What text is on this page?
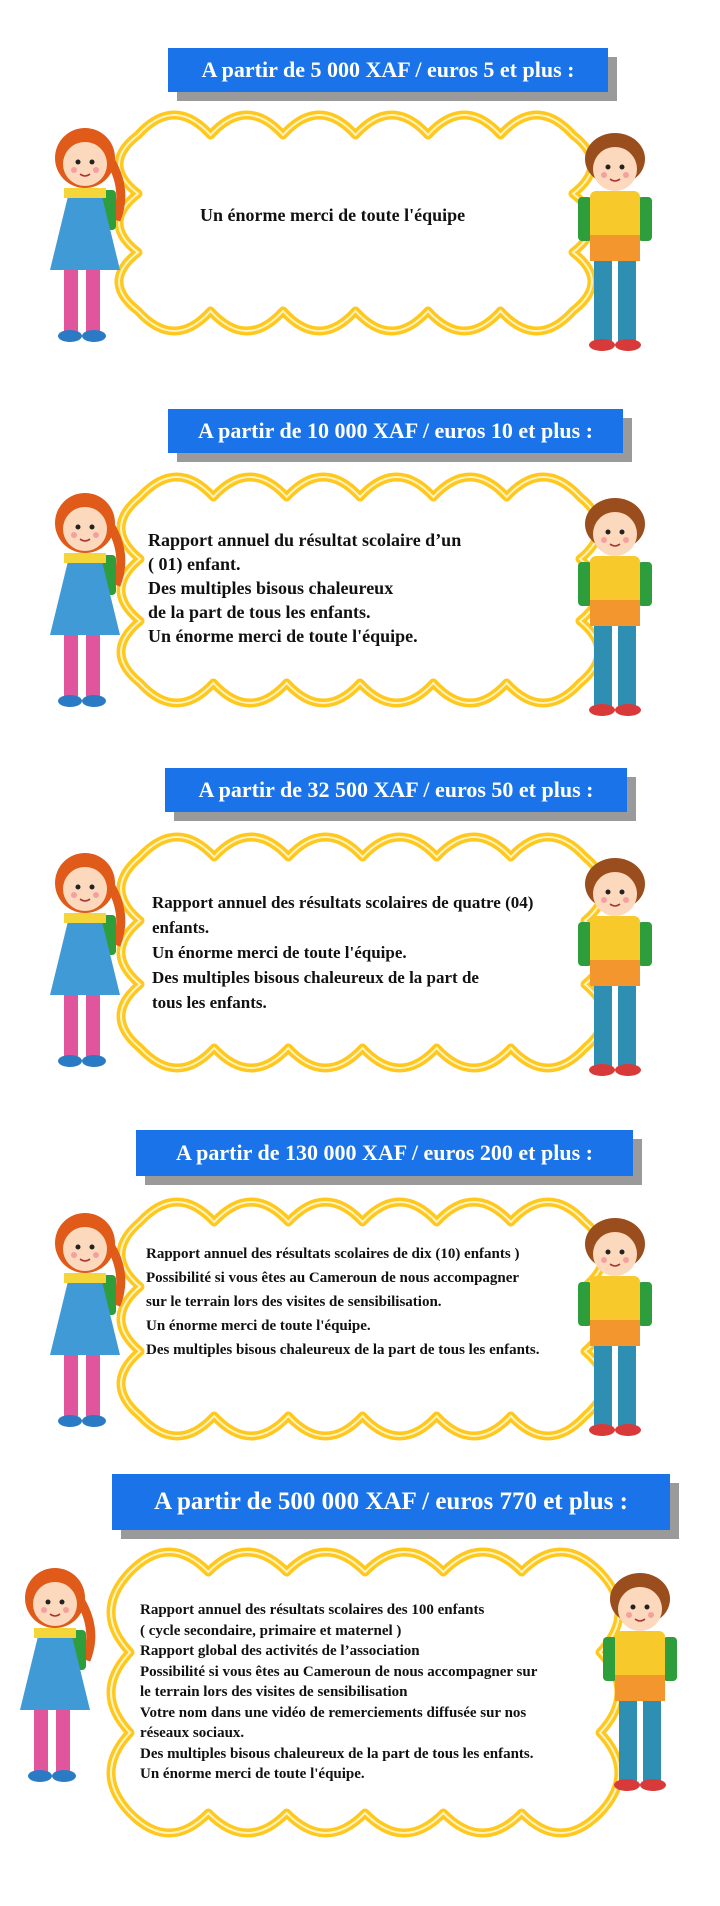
A partir de 5 000 XAF / euros 5 et plus :
Un énorme merci de toute l'équipe
A partir de 10 000 XAF / euros 10 et plus :
Rapport annuel du résultat scolaire d’un
( 01) enfant.
Des multiples bisous chaleureux
de la part de tous les enfants.
Un énorme merci de toute l'équipe.
A partir de 32 500 XAF / euros 50 et plus :
Rapport annuel des résultats scolaires de quatre (04)
enfants.
Un énorme merci de toute l'équipe.
Des multiples bisous chaleureux de la part de
tous les enfants.
A partir de 130 000 XAF / euros 200 et plus :
Rapport annuel des résultats scolaires de dix (10) enfants )
Possibilité si vous êtes au Cameroun de nous accompagner
sur le terrain lors des visites de sensibilisation.
Un énorme merci de toute l'équipe.
Des multiples bisous chaleureux de la part de tous les enfants.
A partir de 500 000 XAF / euros 770 et plus :
Rapport annuel des résultats scolaires des 100 enfants
( cycle secondaire, primaire et maternel )
Rapport global des activités de l’association
Possibilité si vous êtes au Cameroun de nous accompagner sur
le terrain lors des visites de sensibilisation
Votre nom dans une vidéo de remerciements diffusée sur nos
réseaux sociaux.
Des multiples bisous chaleureux de la part de tous les enfants.
Un énorme merci de toute l'équipe.
